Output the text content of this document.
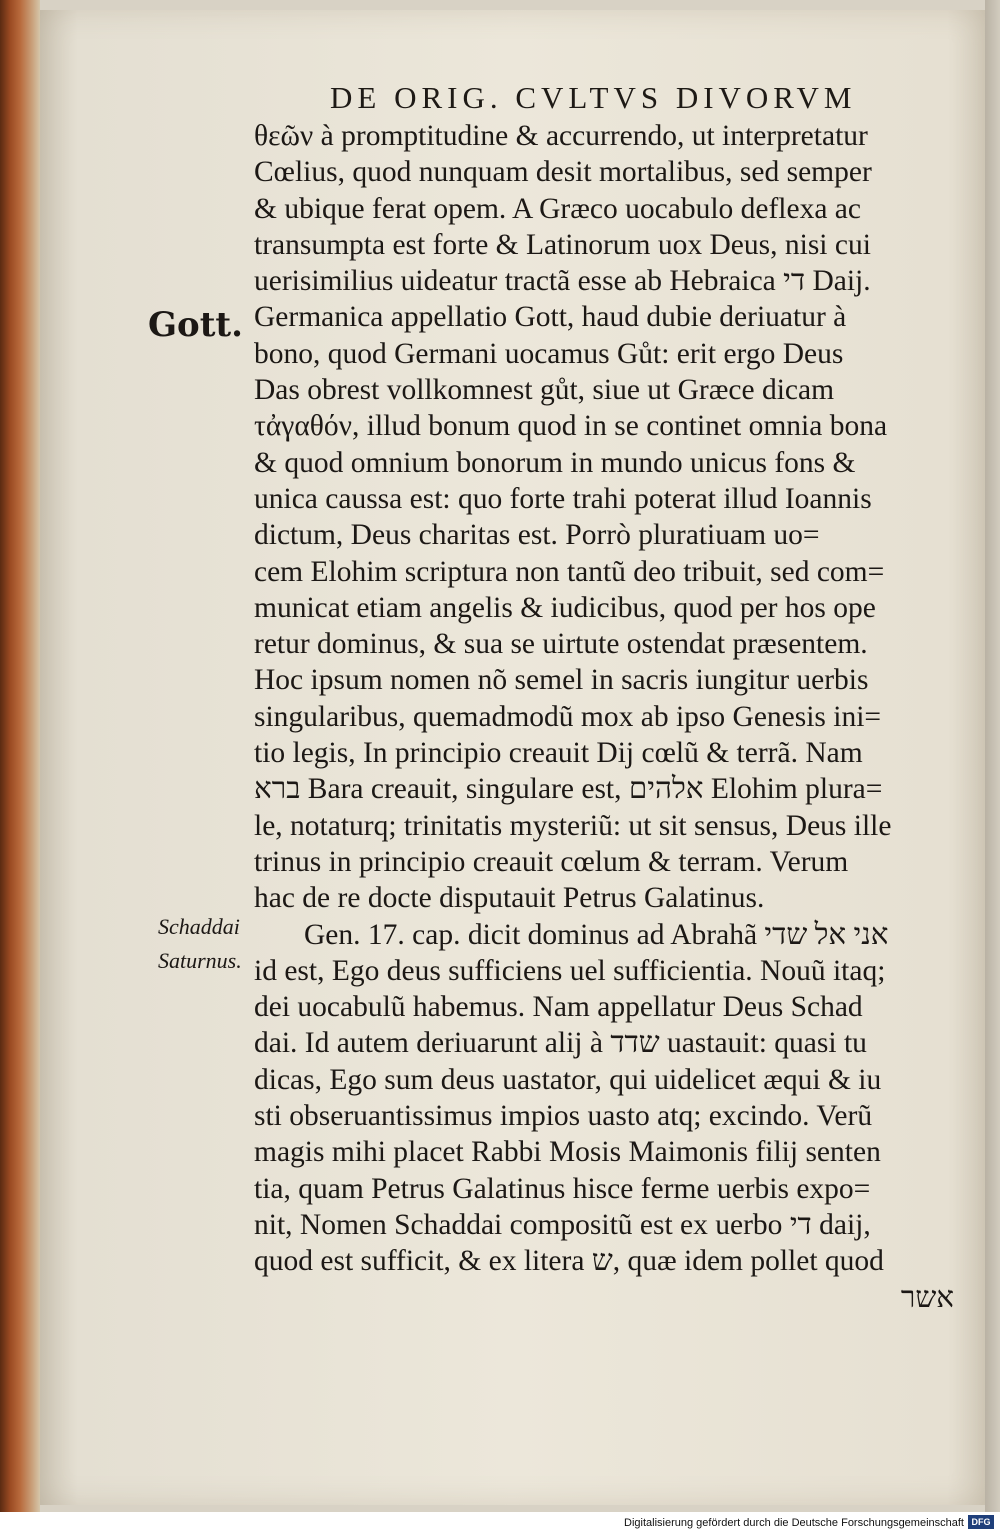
DE ORIG. CVLTVS DIVORVM
Gott.
Schaddai
Saturnus.
θεῶν à promptitudine & accurrendo, ut interpretatur
Cœlius, quod nunquam desit mortalibus, sed semper
& ubique ferat opem. A Græco uocabulo deflexa ac
transumpta est forte & Latinorum uox Deus, nisi cui
uerisimilius uideatur tractã esse ab Hebraica די Daij.
Germanica appellatio Gott, haud dubie deriuatur à
bono, quod Germani uocamus Gůt: erit ergo Deus
Das obrest vollkomnest gůt, siue ut Græce dicam
τἀγαθόν, illud bonum quod in se continet omnia bona
& quod omnium bonorum in mundo unicus fons &
unica caussa est: quo forte trahi poterat illud Ioannis
dictum, Deus charitas est. Porrò pluratiuam uo=
cem Elohim scriptura non tantũ deo tribuit, sed com=
municat etiam angelis & iudicibus, quod per hos ope
retur dominus, & sua se uirtute ostendat præsentem.
Hoc ipsum nomen nõ semel in sacris iungitur uerbis
singularibus, quemadmodũ mox ab ipso Genesis ini=
tio legis, In principio creauit Dij cœlũ & terrã. Nam
ברא Bara creauit, singulare est, אלהים Elohim plura=
le, notaturq; trinitatis mysteriũ: ut sit sensus, Deus ille
trinus in principio creauit cœlum & terram. Verum
hac de re docte disputauit Petrus Galatinus.
Gen. 17. cap. dicit dominus ad Abrahã אני אל שדי
id est, Ego deus sufficiens uel sufficientia. Nouũ itaq;
dei uocabulũ habemus. Nam appellatur Deus Schad
dai. Id autem deriuarunt alij à שדד uastauit: quasi tu
dicas, Ego sum deus uastator, qui uidelicet æqui & iu
sti obseruantissimus impios uasto atq; excindo. Verũ
magis mihi placet Rabbi Mosis Maimonis filij senten
tia, quam Petrus Galatinus hisce ferme uerbis expo=
nit, Nomen Schaddai compositũ est ex uerbo די daij,
quod est sufficit, & ex litera ש, quæ idem pollet quod
אשר
Digitalisierung gefördert durch die Deutsche Forschungsgemeinschaft DFG
